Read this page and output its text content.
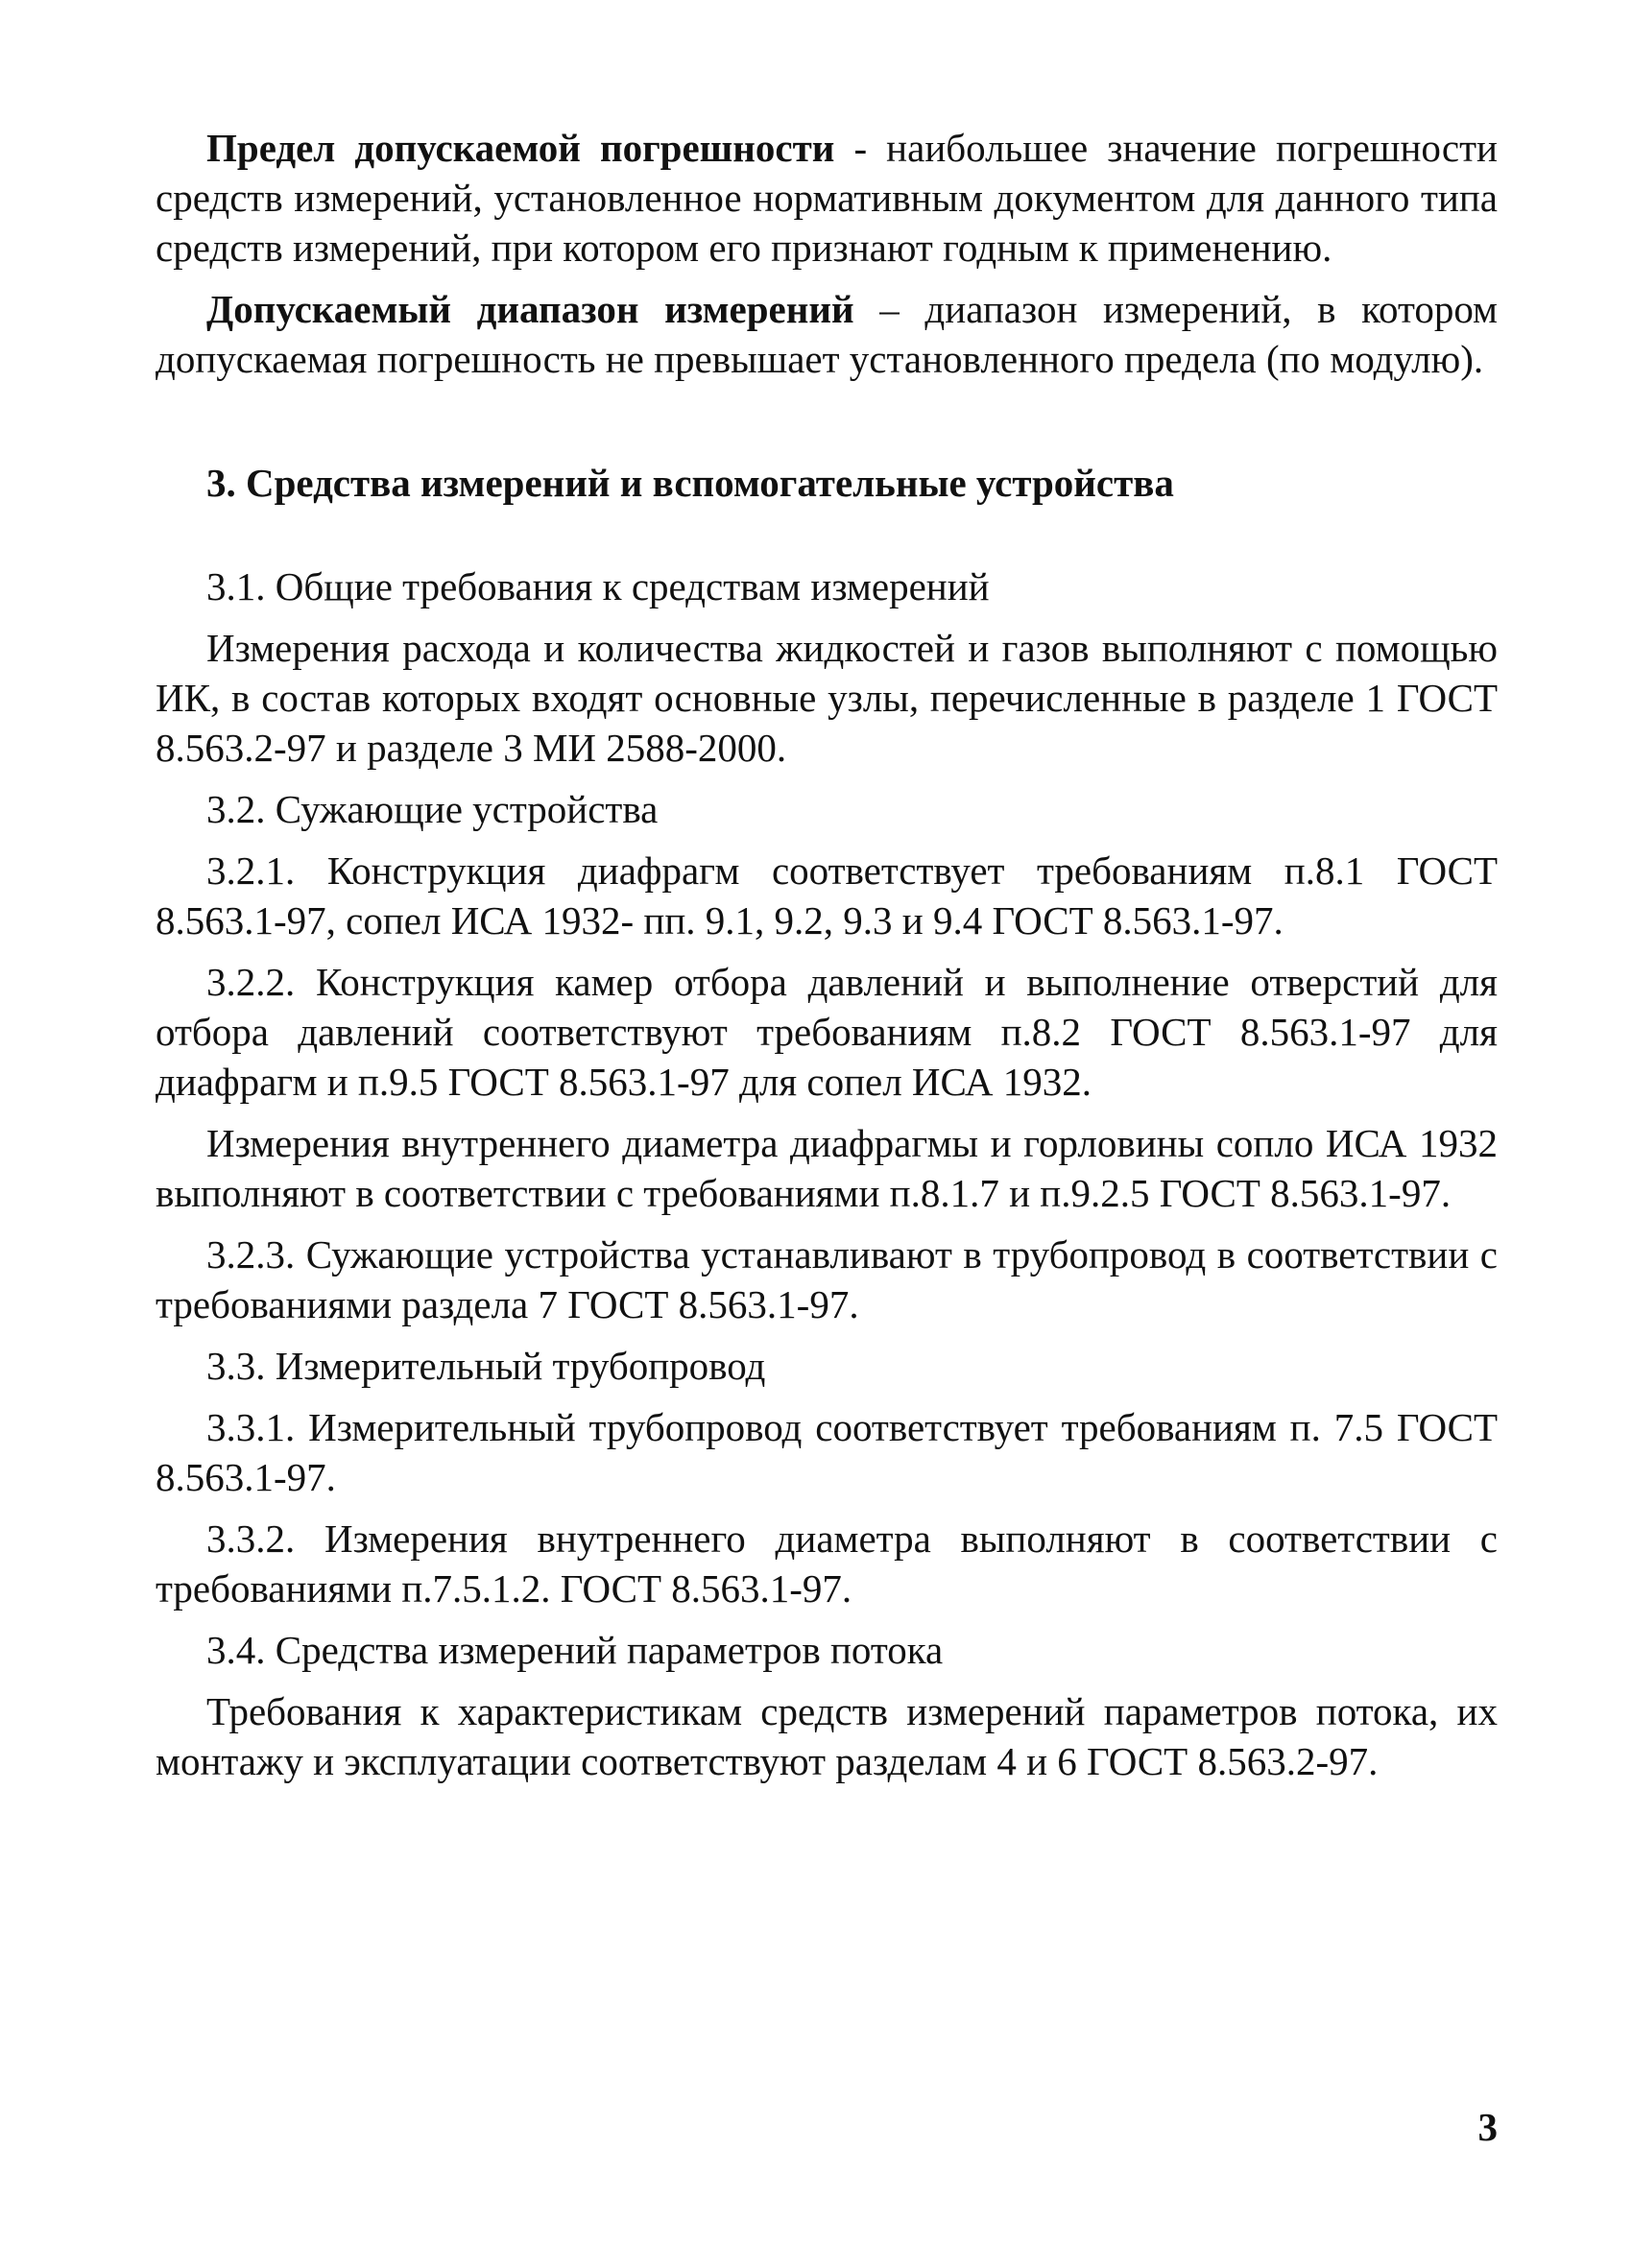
Предел допускаемой погрешности - наибольшее значение погрешности средств измерений, установленное нормативным документом для данного типа средств измерений, при котором его признают годным к применению.

Допускаемый диапазон измерений – диапазон измерений, в котором допускаемая погрешность не превышает установленного предела (по модулю).

3. Средства измерений и вспомогательные устройства

3.1. Общие требования к средствам измерений

Измерения расхода и количества жидкостей и газов выполняют с помощью ИК, в состав которых входят основные узлы, перечисленные в разделе 1 ГОСТ 8.563.2-97 и разделе 3 МИ 2588-2000.

3.2. Сужающие устройства

3.2.1. Конструкция диафрагм соответствует требованиям п.8.1 ГОСТ 8.563.1-97, сопел ИСА 1932- пп. 9.1, 9.2, 9.3 и 9.4 ГОСТ 8.563.1-97.

3.2.2. Конструкция камер отбора давлений и выполнение отверстий для отбора давлений соответствуют требованиям п.8.2 ГОСТ 8.563.1-97 для диафрагм и п.9.5 ГОСТ 8.563.1-97 для сопел ИСА 1932.

Измерения внутреннего диаметра диафрагмы и горловины сопло ИСА 1932 выполняют в соответствии с требованиями п.8.1.7 и п.9.2.5 ГОСТ 8.563.1-97.

3.2.3. Сужающие устройства устанавливают в трубопровод в соответствии с требованиями раздела 7 ГОСТ 8.563.1-97.

3.3. Измерительный трубопровод

3.3.1. Измерительный трубопровод соответствует требованиям п. 7.5 ГОСТ 8.563.1-97.

3.3.2. Измерения внутреннего диаметра выполняют в соответствии с требованиями п.7.5.1.2. ГОСТ 8.563.1-97.

3.4. Средства измерений параметров потока

Требования к характеристикам средств измерений параметров потока, их монтажу и эксплуатации соответствуют разделам 4 и 6 ГОСТ 8.563.2-97.

3
